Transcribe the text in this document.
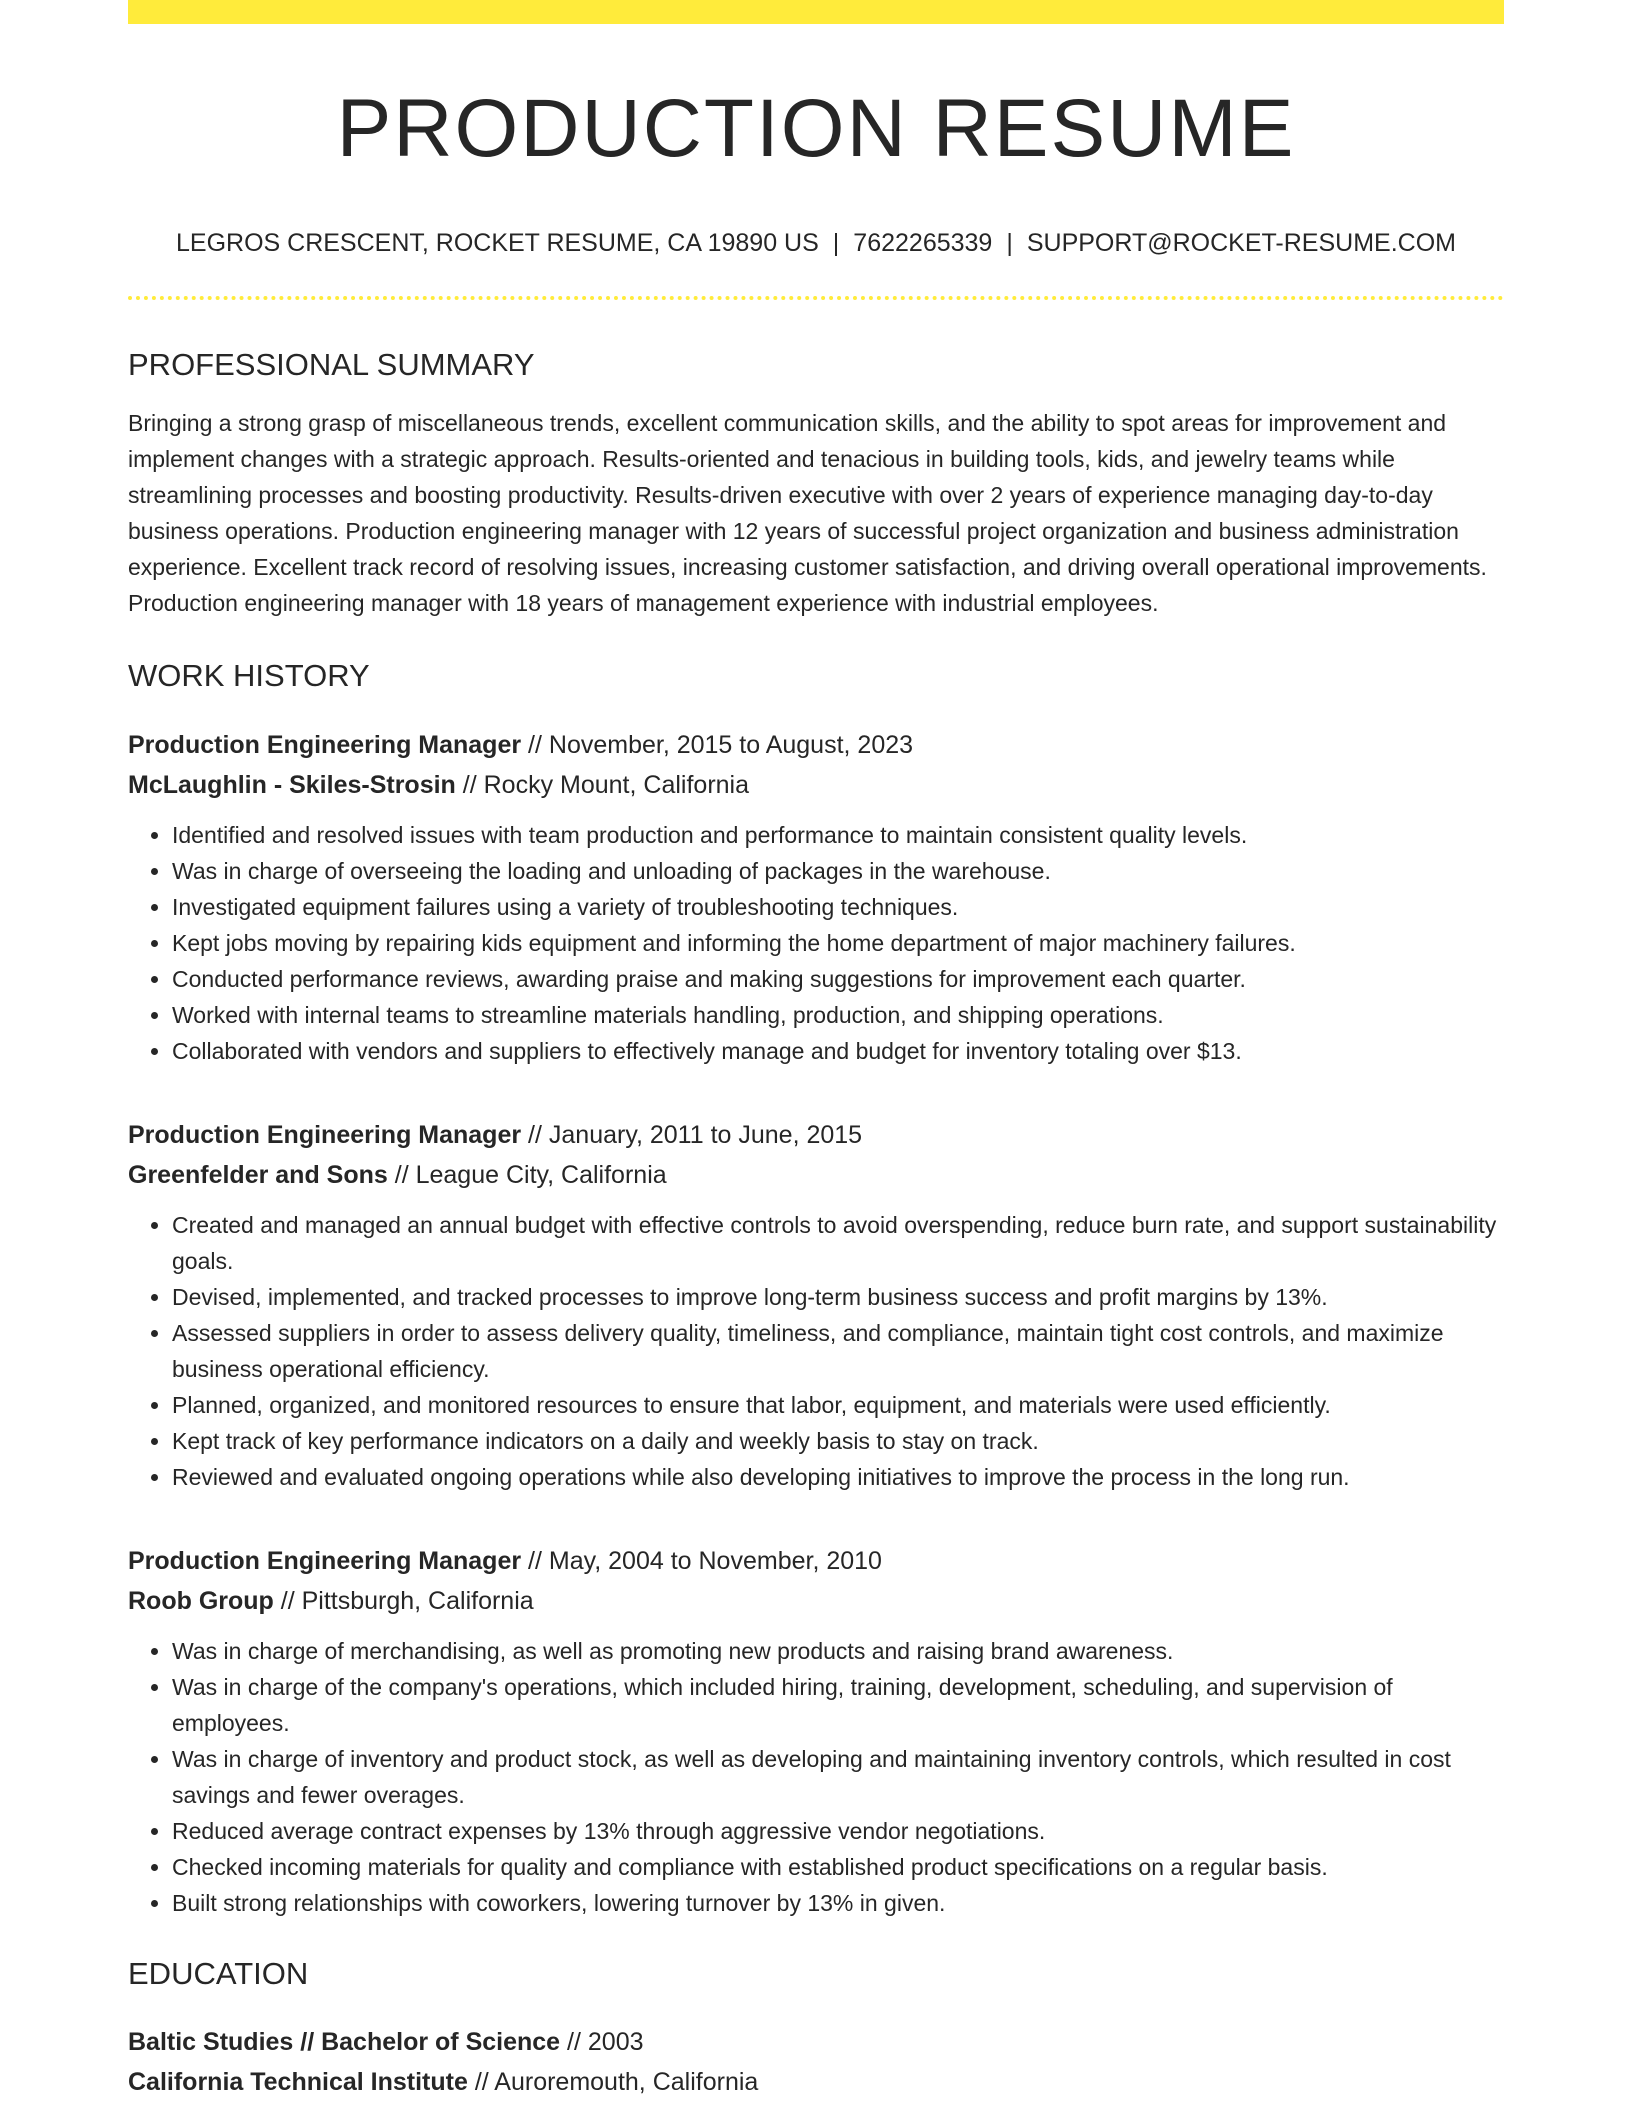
PRODUCTION RESUME
LEGROS CRESCENT, ROCKET RESUME, CA 19890 US | 7622265339 | SUPPORT@ROCKET-RESUME.COM
PROFESSIONAL SUMMARY

Bringing a strong grasp of miscellaneous trends, excellent communication skills, and the ability to spot areas for improvement and implement changes with a strategic approach. Results-oriented and tenacious in building tools, kids, and jewelry teams while streamlining processes and boosting productivity. Results-driven executive with over 2 years of experience managing day-to-day business operations. Production engineering manager with 12 years of successful project organization and business administration experience. Excellent track record of resolving issues, increasing customer satisfaction, and driving overall operational improvements. Production engineering manager with 18 years of management experience with industrial employees.

WORK HISTORY
Production Engineering Manager // November, 2015 to August, 2023
McLaughlin - Skiles-Strosin // Rocky Mount, California
• Identified and resolved issues with team production and performance to maintain consistent quality levels.
• Was in charge of overseeing the loading and unloading of packages in the warehouse.
• Investigated equipment failures using a variety of troubleshooting techniques.
• Kept jobs moving by repairing kids equipment and informing the home department of major machinery failures.
• Conducted performance reviews, awarding praise and making suggestions for improvement each quarter.
• Worked with internal teams to streamline materials handling, production, and shipping operations.
• Collaborated with vendors and suppliers to effectively manage and budget for inventory totaling over $13.
Production Engineering Manager // January, 2011 to June, 2015
Greenfelder and Sons // League City, California
• Created and managed an annual budget with effective controls to avoid overspending, reduce burn rate, and support sustainability goals.
• Devised, implemented, and tracked processes to improve long-term business success and profit margins by 13%.
• Assessed suppliers in order to assess delivery quality, timeliness, and compliance, maintain tight cost controls, and maximize business operational efficiency.
• Planned, organized, and monitored resources to ensure that labor, equipment, and materials were used efficiently.
• Kept track of key performance indicators on a daily and weekly basis to stay on track.
• Reviewed and evaluated ongoing operations while also developing initiatives to improve the process in the long run.
Production Engineering Manager // May, 2004 to November, 2010
Roob Group // Pittsburgh, California
• Was in charge of merchandising, as well as promoting new products and raising brand awareness.
• Was in charge of the company's operations, which included hiring, training, development, scheduling, and supervision of employees.
• Was in charge of inventory and product stock, as well as developing and maintaining inventory controls, which resulted in cost savings and fewer overages.
• Reduced average contract expenses by 13% through aggressive vendor negotiations.
• Checked incoming materials for quality and compliance with established product specifications on a regular basis.
• Built strong relationships with coworkers, lowering turnover by 13% in given.
EDUCATION
Baltic Studies // Bachelor of Science // 2003
California Technical Institute // Auroremouth, California
